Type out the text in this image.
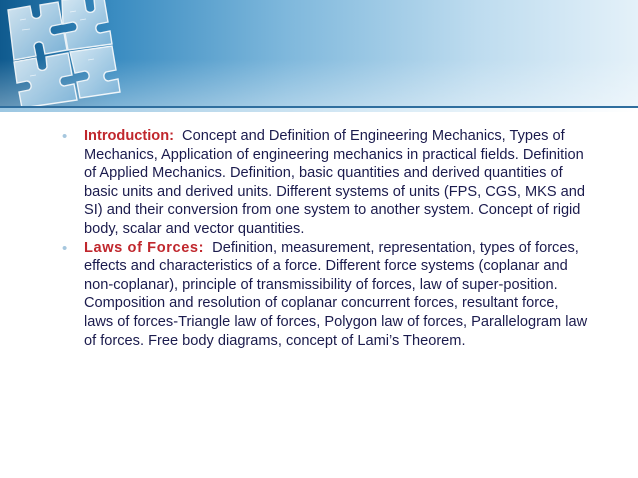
• Introduction: Concept and Definition of Engineering Mechanics, Types of Mechanics, Application of engineering mechanics in practical fields. Definition of Applied Mechanics. Definition, basic quantities and derived quantities of basic units and derived units. Different systems of units (FPS, CGS, MKS and SI) and their conversion from one system to another system. Concept of rigid body, scalar and vector quantities.

• Laws of Forces: Definition, measurement, representation, types of forces, effects and characteristics of a force. Different force systems (coplanar and non-coplanar), principle of transmissibility of forces, law of super-position. Composition and resolution of coplanar concurrent forces, resultant force, laws of forces-Triangle law of forces, Polygon law of forces, Parallelogram law of forces. Free body diagrams, concept of Lami’s Theorem.
